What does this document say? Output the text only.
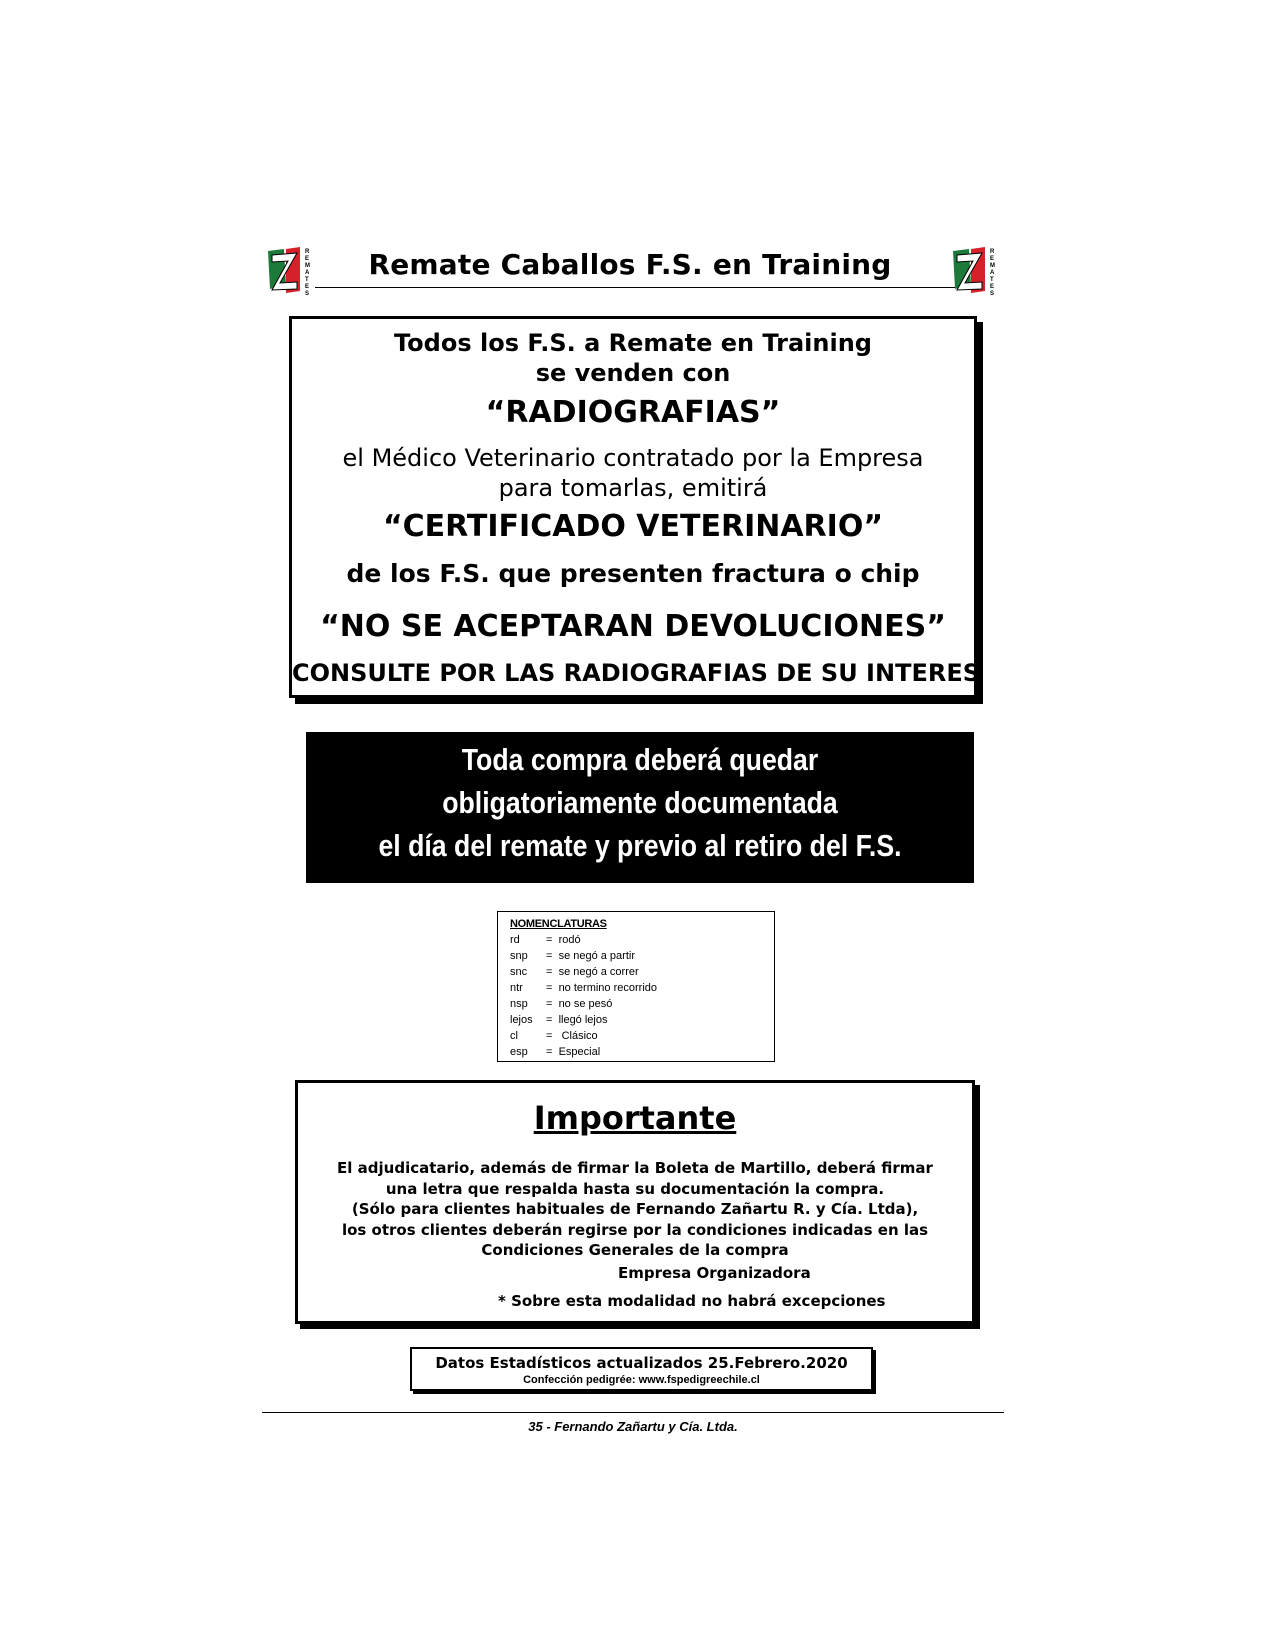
R
E
M
A
T
E
S
Remate Caballos F.S. en Training	R
E
M
A
T
E
S
Todos los F.S. a Remate en Training
se venden con
“RADIOGRAFIAS”
el Médico Veterinario contratado por la Empresa
para tomarlas, emitirá
“CERTIFICADO VETERINARIO”
de los F.S. que presenten fractura o chip
“NO SE ACEPTARAN DEVOLUCIONES”
CONSULTE POR LAS RADIOGRAFIAS DE SU INTERES
Toda compra deberá quedar
obligatoriamente documentada
el día del remate y previo al retiro del F.S.
NOMENCLATURAS
rd = rodó
snp = se negó a partir
snc = se negó a correr
ntr = no termino recorrido
nsp = no se pesó
lejos = llegó lejos
cl	= Clásico
esp = Especial
Importante
El adjudicatario, además de firmar la Boleta de Martillo, deberá firmar
una letra que respalda hasta su documentación la compra.
(Sólo para clientes habituales de Fernando Zañartu R. y Cía. Ltda),
los otros clientes deberán regirse por la condiciones indicadas en las
Condiciones Generales de la compra
Empresa Organizadora
* Sobre esta modalidad no habrá excepciones
Datos Estadísticos actualizados 25.Febrero.2020
Confección pedigrée: www.fspedigreechile.cl
35 - Fernando Zañartu y Cía. Ltda.
